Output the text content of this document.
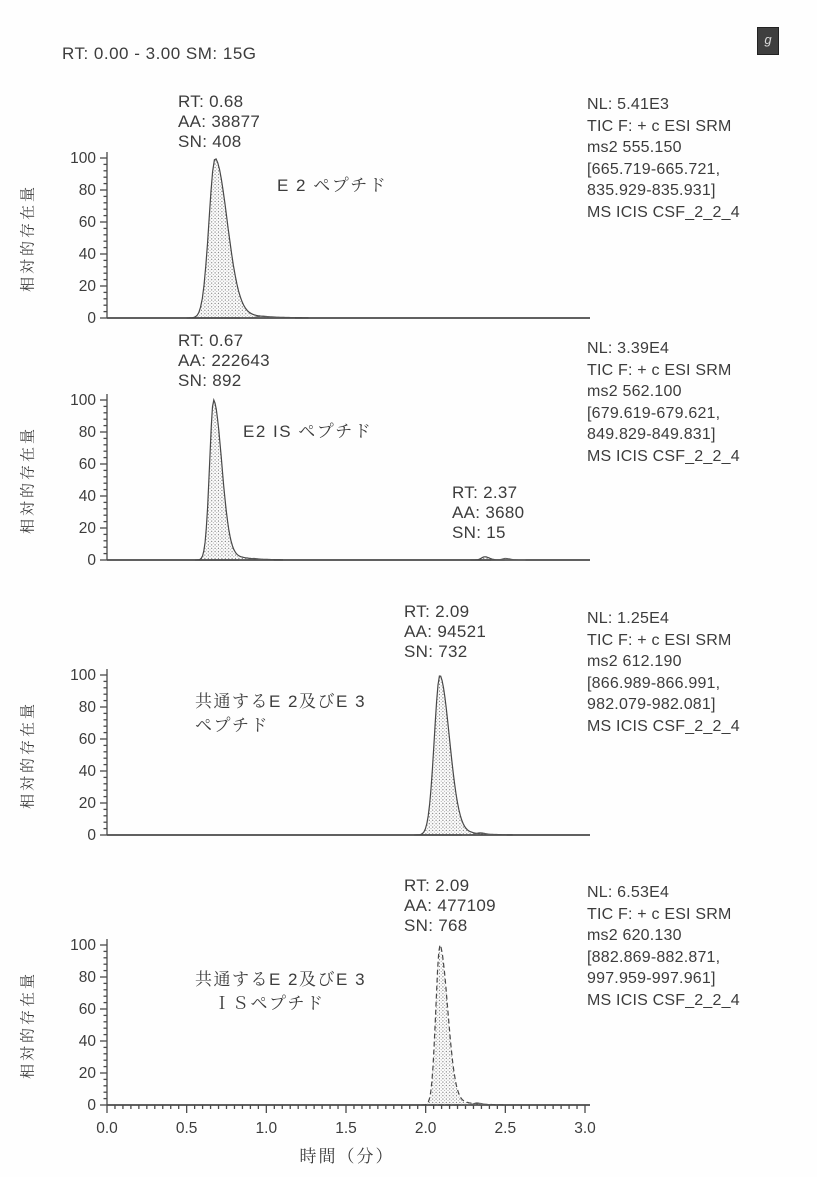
0
20
40
60
80
100
0
20
40
60
80
100
0
20
40
60
80
100
0
20
40
60
80
100
0.0	0.5	1.0	1.5	2.0	2.5	3.0
RT: 0.00 - 3.00 SM: 15G
g
RT: 0.68
AA: 38877
SN: 408
E 2 ペプチド
NL: 5.41E3
TIC F: + c ESI SRM
ms2 555.150
[665.719-665.721,
835.929-835.931]
MS ICIS CSF_2_2_4
相対的存在量
RT: 0.67
AA: 222643
SN: 892
E2 IS ペプチド
RT: 2.37
AA: 3680
SN: 15
NL: 3.39E4
TIC F: + c ESI SRM
ms2 562.100
[679.619-679.621,
849.829-849.831]
MS ICIS CSF_2_2_4
相対的存在量
RT: 2.09
AA: 94521
SN: 732
共通するE 2及びE 3
ペプチド
NL: 1.25E4
TIC F: + c ESI SRM
ms2 612.190
[866.989-866.991,
982.079-982.081]
MS ICIS CSF_2_2_4
相対的存在量
RT: 2.09
AA: 477109
SN: 768
共通するE 2及びE 3
　ＩＳペプチド
NL: 6.53E4
TIC F: + c ESI SRM
ms2 620.130
[882.869-882.871,
997.959-997.961]
MS ICIS CSF_2_2_4
相対的存在量
時間（分）
